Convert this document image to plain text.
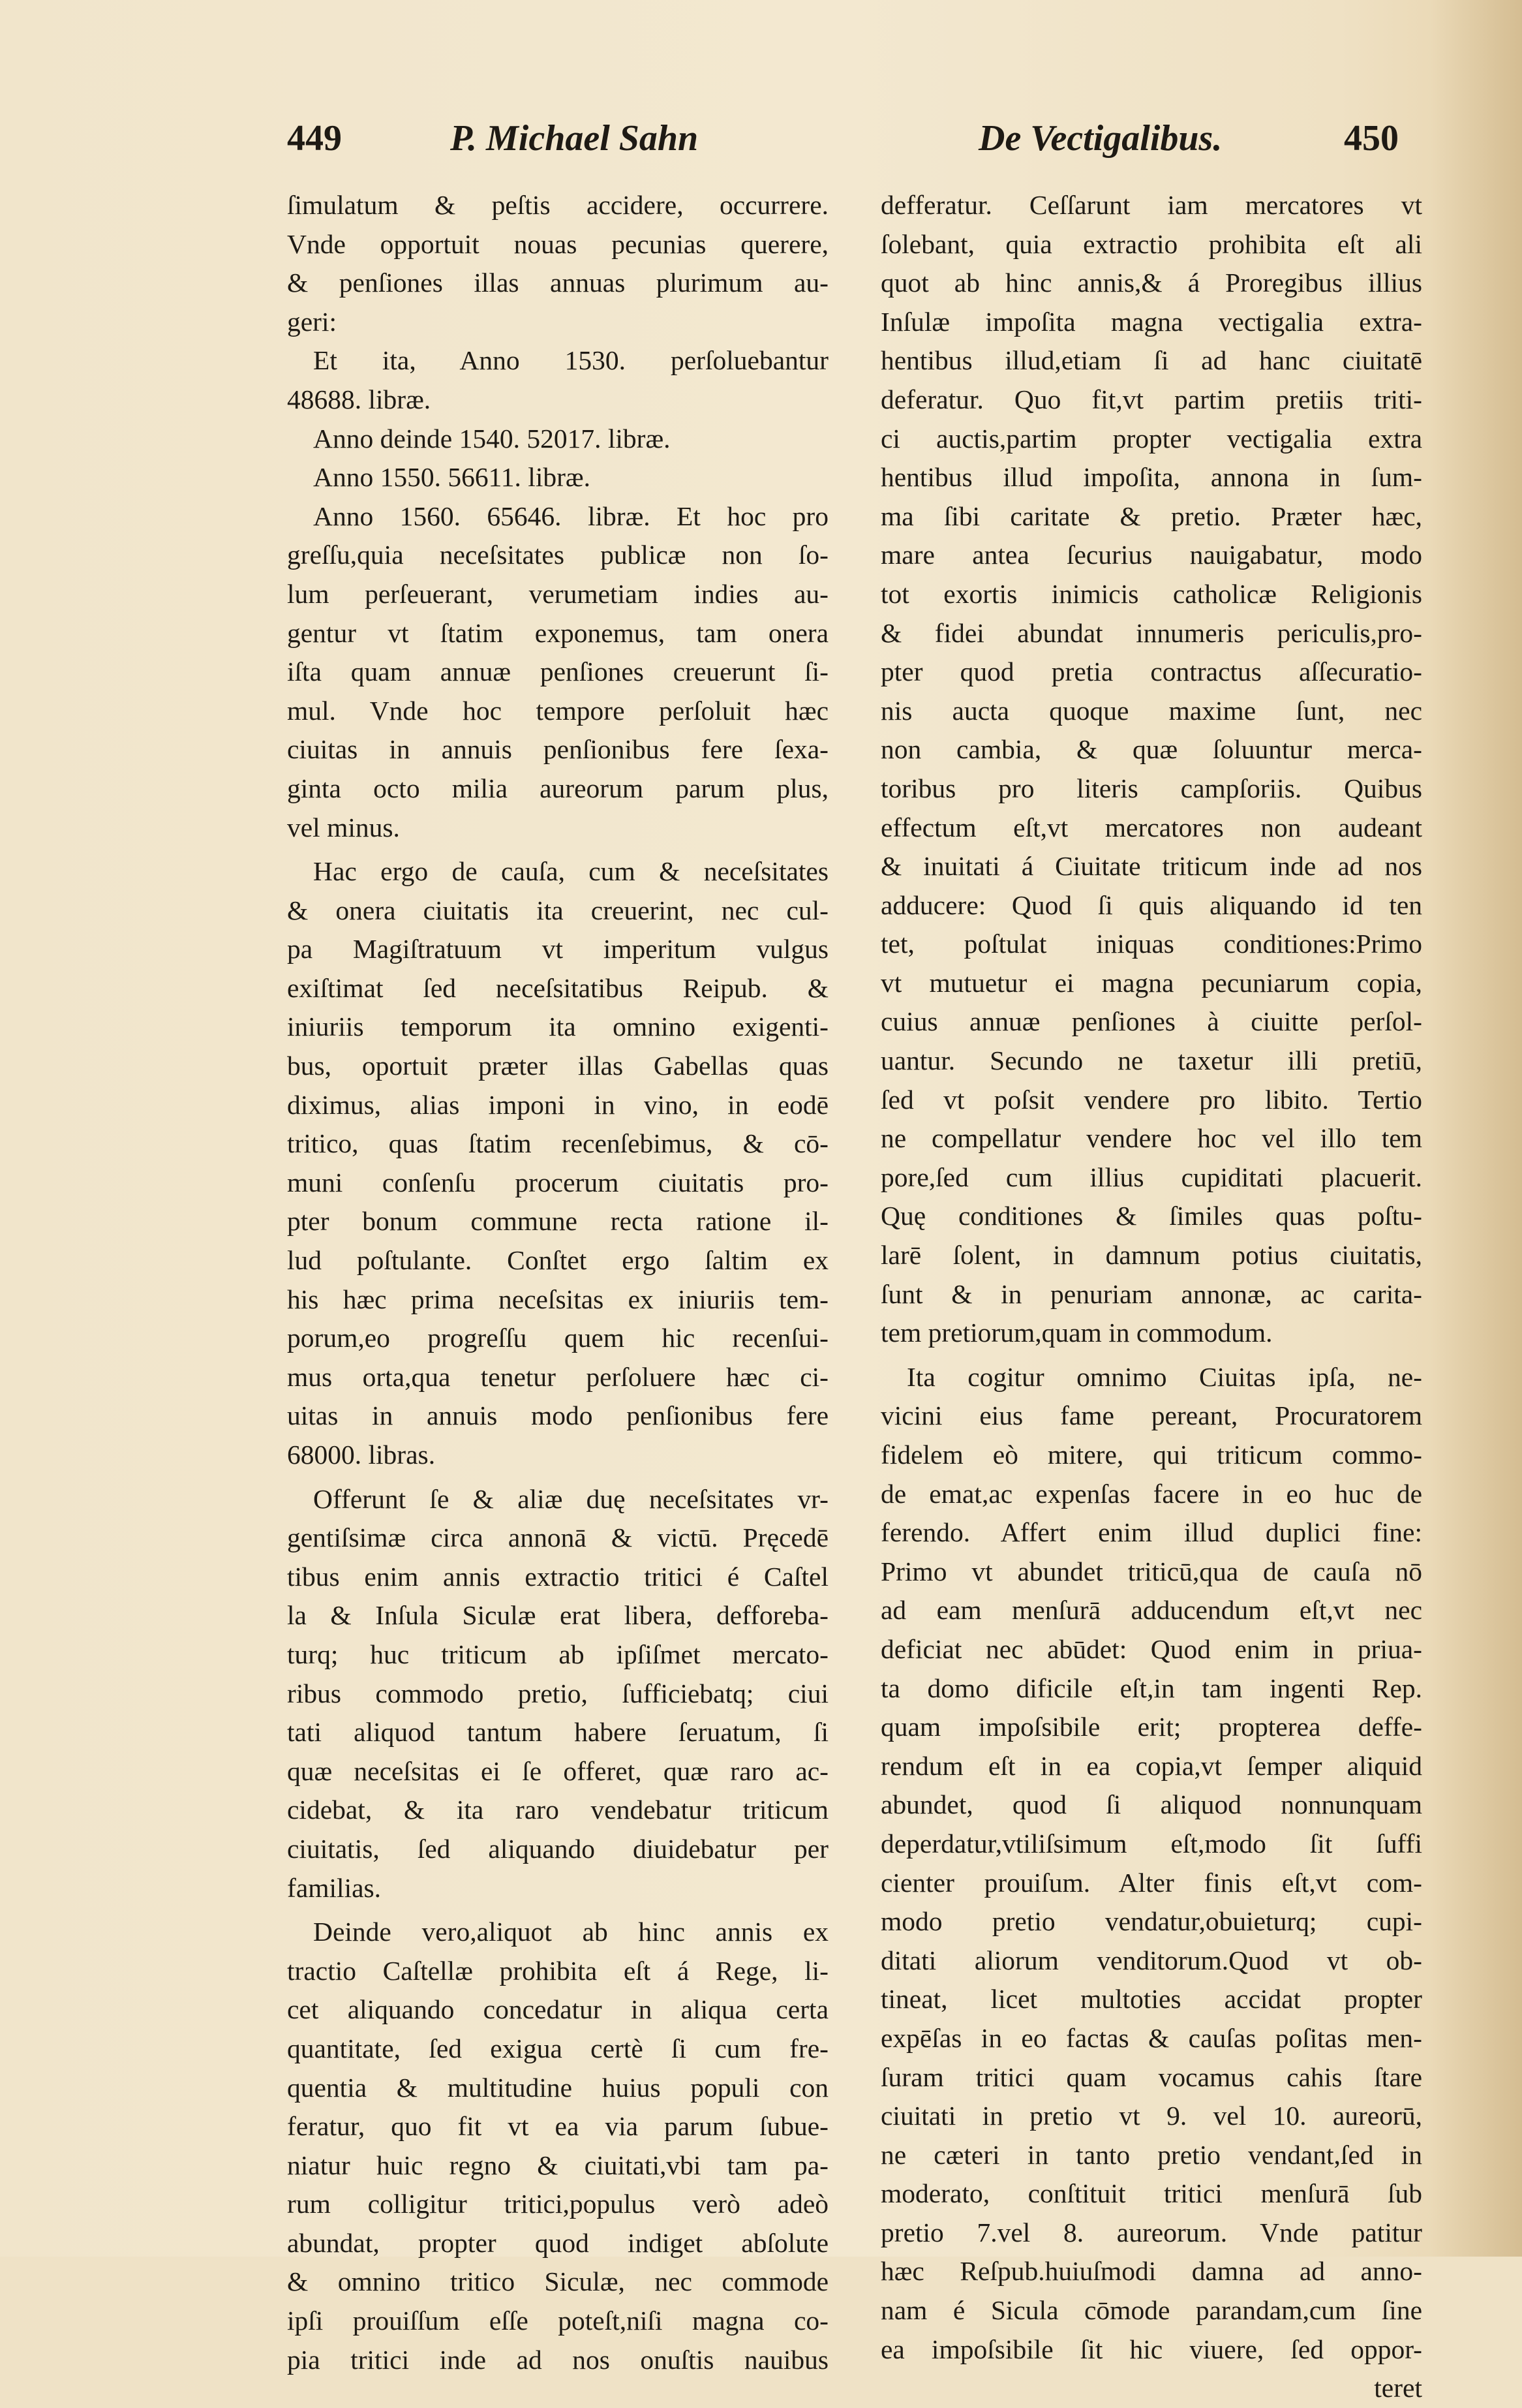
449	P. Michael Sahn	De Vectigalibus.	450
ſimulatum & peſtis accidere, occurrere.
Vnde opportuit nouas pecunias querere,
& penſiones illas annuas plurimum au-
geri:
Et ita, Anno 1530. perſoluebantur
48688. libræ.
Anno deinde 1540. 52017. libræ.
Anno 1550. 56611. libræ.
Anno 1560. 65646. libræ. Et hoc pro
greſſu,quia neceſsitates publicæ non ſo-
lum perſeuerant, verumetiam indies au-
gentur vt ſtatim exponemus, tam onera
iſta quam annuæ penſiones creuerunt ſi-
mul. Vnde hoc tempore perſoluit hæc
ciuitas in annuis penſionibus fere ſexa-
ginta octo milia aureorum parum plus,
vel minus.
Hac ergo de cauſa, cum & neceſsitates
& onera ciuitatis ita creuerint, nec cul-
pa Magiſtratuum vt imperitum vulgus
exiſtimat ſed neceſsitatibus Reipub. &
iniuriis temporum ita omnino exigenti-
bus, oportuit præter illas Gabellas quas
diximus, alias imponi in vino, in eodē
tritico, quas ſtatim recenſebimus, & cō-
muni conſenſu procerum ciuitatis pro-
pter bonum commune recta ratione il-
lud poſtulante. Conſtet ergo ſaltim ex
his hæc prima neceſsitas ex iniuriis tem-
porum,eo progreſſu quem hic recenſui-
mus orta,qua tenetur perſoluere hæc ci-
uitas in annuis modo penſionibus fere
68000. libras.
Offerunt ſe & aliæ duę neceſsitates vr-
gentiſsimæ circa annonā & victū. Pręcedē
tibus enim annis extractio tritici é Caſtel
la & Inſula Siculæ erat libera, defforeba-
turq; huc triticum ab ipſiſmet mercato-
ribus commodo pretio, ſufficiebatq; ciui
tati aliquod tantum habere ſeruatum, ſi
quæ neceſsitas ei ſe offeret, quæ raro ac-
cidebat, & ita raro vendebatur triticum
ciuitatis, ſed aliquando diuidebatur per
familias.
Deinde vero,aliquot ab hinc annis ex
tractio Caſtellæ prohibita eſt á Rege, li-
cet aliquando concedatur in aliqua certa
quantitate, ſed exigua certè ſi cum fre-
quentia & multitudine huius populi con
feratur, quo fit vt ea via parum ſubue-
niatur huic regno & ciuitati,vbi tam pa-
rum colligitur tritici,populus verò adeò
abundat, propter quod indiget abſolute
& omnino tritico Siculæ, nec commode
ipſi prouiſſum eſſe poteſt,niſi magna co-
pia tritici inde ad nos onuſtis nauibus
defferatur. Ceſſarunt iam mercatores vt
ſolebant, quia extractio prohibita eſt ali
quot ab hinc annis,& á Proregibus illius
Inſulæ impoſita magna vectigalia extra-
hentibus illud,etiam ſi ad hanc ciuitatē
deferatur. Quo fit,vt partim pretiis triti-
ci auctis,partim propter vectigalia extra
hentibus illud impoſita, annona in ſum-
ma ſibi caritate & pretio. Præter hæc,
mare antea ſecurius nauigabatur, modo
tot exortis inimicis catholicæ Religionis
& fidei abundat innumeris periculis,pro-
pter quod pretia contractus aſſecuratio-
nis aucta quoque maxime ſunt, nec
non cambia, & quæ ſoluuntur merca-
toribus pro literis campſoriis. Quibus
effectum eſt,vt mercatores non audeant
& inuitati á Ciuitate triticum inde ad nos
adducere: Quod ſi quis aliquando id ten
tet, poſtulat iniquas conditiones:Primo
vt mutuetur ei magna pecuniarum copia,
cuius annuæ penſiones à ciuitte perſol-
uantur. Secundo ne taxetur illi pretiū,
ſed vt poſsit vendere pro libito. Tertio
ne compellatur vendere hoc vel illo tem
pore,ſed cum illius cupiditati placuerit.
Quę conditiones & ſimiles quas poſtu-
larē ſolent, in damnum potius ciuitatis,
ſunt & in penuriam annonæ, ac carita-
tem pretiorum,quam in commodum.
Ita cogitur omnimo Ciuitas ipſa, ne-
vicini eius fame pereant, Procuratorem
fidelem eò mitere, qui triticum commo-
de emat,ac expenſas facere in eo huc de
ferendo. Affert enim illud duplici fine:
Primo vt abundet triticū,qua de cauſa nō
ad eam menſurā adducendum eſt,vt nec
deficiat nec abūdet: Quod enim in priua-
ta domo dificile eſt,in tam ingenti Rep.
quam impoſsibile erit; propterea deffe-
rendum eſt in ea copia,vt ſemper aliquid
abundet, quod ſi aliquod nonnunquam
deperdatur,vtiliſsimum eſt,modo ſit ſuffi
cienter prouiſum. Alter finis eſt,vt com-
modo pretio vendatur,obuieturq; cupi-
ditati aliorum venditorum.Quod vt ob-
tineat, licet multoties accidat propter
expēſas in eo factas & cauſas poſitas men-
ſuram tritici quam vocamus cahis ſtare
ciuitati in pretio vt 9. vel 10. aureorū,
ne cæteri in tanto pretio vendant,ſed in
moderato, conſtituit tritici menſurā ſub
pretio 7.vel 8. aureorum. Vnde patitur
hæc Reſpub.huiuſmodi damna ad anno-
nam é Sicula cōmode parandam,cum ſine
ea impoſsibile ſit hic viuere, ſed oppor-
teret
